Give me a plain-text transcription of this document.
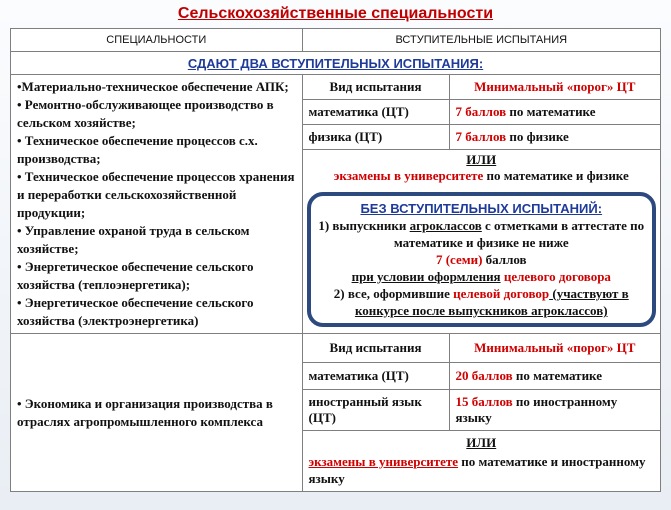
Сельскохозяйственные специальности
СПЕЦИАЛЬНОСТИ	ВСТУПИТЕЛЬНЫЕ ИСПЫТАНИЯ
СДАЮТ ДВА ВСТУПИТЕЛЬНЫХ ИСПЫТАНИЯ:

•Материально-техническое обеспечение АПК;
• Ремонтно-обслуживающее производство в сельском хозяйстве;
• Техническое обеспечение процессов с.х. производства;
• Техническое обеспечение процессов хранения и переработки сельскохозяйственной продукции;
• Управление охраной труда в сельском хозяйстве;
• Энергетическое обеспечение сельского хозяйства (теплоэнергетика);
• Энергетическое обеспечение сельского хозяйства (электроэнергетика)

Вид испытания	Минимальный «порог» ЦТ
математика (ЦТ)	7 баллов по математике
физика (ЦТ)	7 баллов по физике
ИЛИ
экзамены в университете по математике и физике
БЕЗ ВСТУПИТЕЛЬНЫХ ИСПЫТАНИЙ:
1) выпускники агроклассов с отметками в аттестате по математике и физике не ниже
7 (семи) баллов
при условии оформления целевого договора
2) все, оформившие целевой договор (участвуют в конкурсе после выпускников агроклассов)

• Экономика и организация производства в отраслях агропромышленного комплекса	
Вид испытания	Минимальный «порог» ЦТ
математика (ЦТ)	20 баллов по математике
иностранный язык (ЦТ)	15 баллов по иностранному языку
ИЛИ
экзамены в университете по математике и иностранному языку
